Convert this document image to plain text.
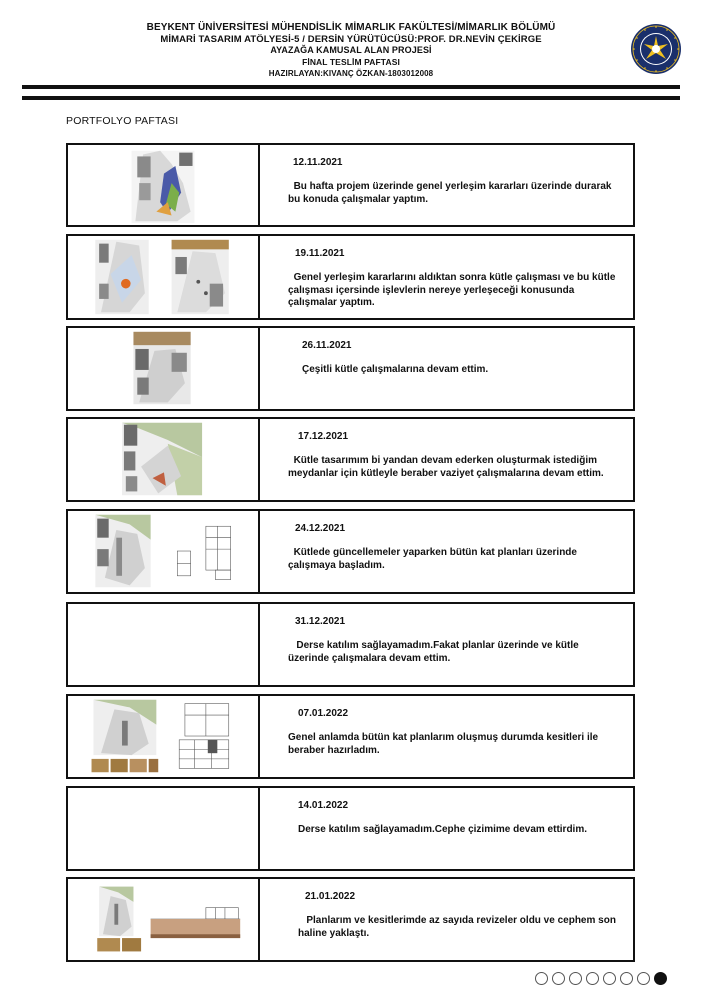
BEYKENT ÜNİVERSİTESİ MÜHENDİSLİK MİMARLIK FAKÜLTESİ/MİMARLIK BÖLÜMÜ
MİMARİ TASARIM ATÖLYESİ-5 / DERSİN YÜRÜTÜCÜSÜ:PROF. DR.NEVİN ÇEKİRGE
AYAZAĞA KAMUSAL ALAN PROJESİ
FİNAL TESLİM PAFTASI
HAZIRLAYAN:KIVANÇ ÖZKAN-1803012008
PORTFOLYO PAFTASI
12.11.2021
Bu hafta projem üzerinde genel yerleşim kararları üzerinde durarak bu konuda çalışmalar yaptım.
19.11.2021
Genel yerleşim kararlarını aldıktan sonra kütle çalışması ve bu kütle çalışması içersinde işlevlerin nereye yerleşeceği konusunda çalışmalar yaptım.
26.11.2021
Çeşitli kütle çalışmalarına devam ettim.
17.12.2021
Kütle tasarımım bi yandan devam ederken oluşturmak istediğim meydanlar için kütleyle beraber vaziyet çalışmalarına devam ettim.
24.12.2021
Kütlede güncellemeler yaparken bütün kat planları üzerinde çalışmaya başladım.
31.12.2021
Derse katılım sağlayamadım.Fakat planlar üzerinde ve kütle üzerinde çalışmalara devam ettim.
07.01.2022
Genel anlamda bütün kat planlarım oluşmuş durumda kesitleri ile beraber hazırladım.
14.01.2022
Derse katılım sağlayamadım.Cephe çizimime devam ettirdim.
21.01.2022
Planlarım ve kesitlerimde az sayıda revizeler oldu ve cephem son haline yaklaştı.
